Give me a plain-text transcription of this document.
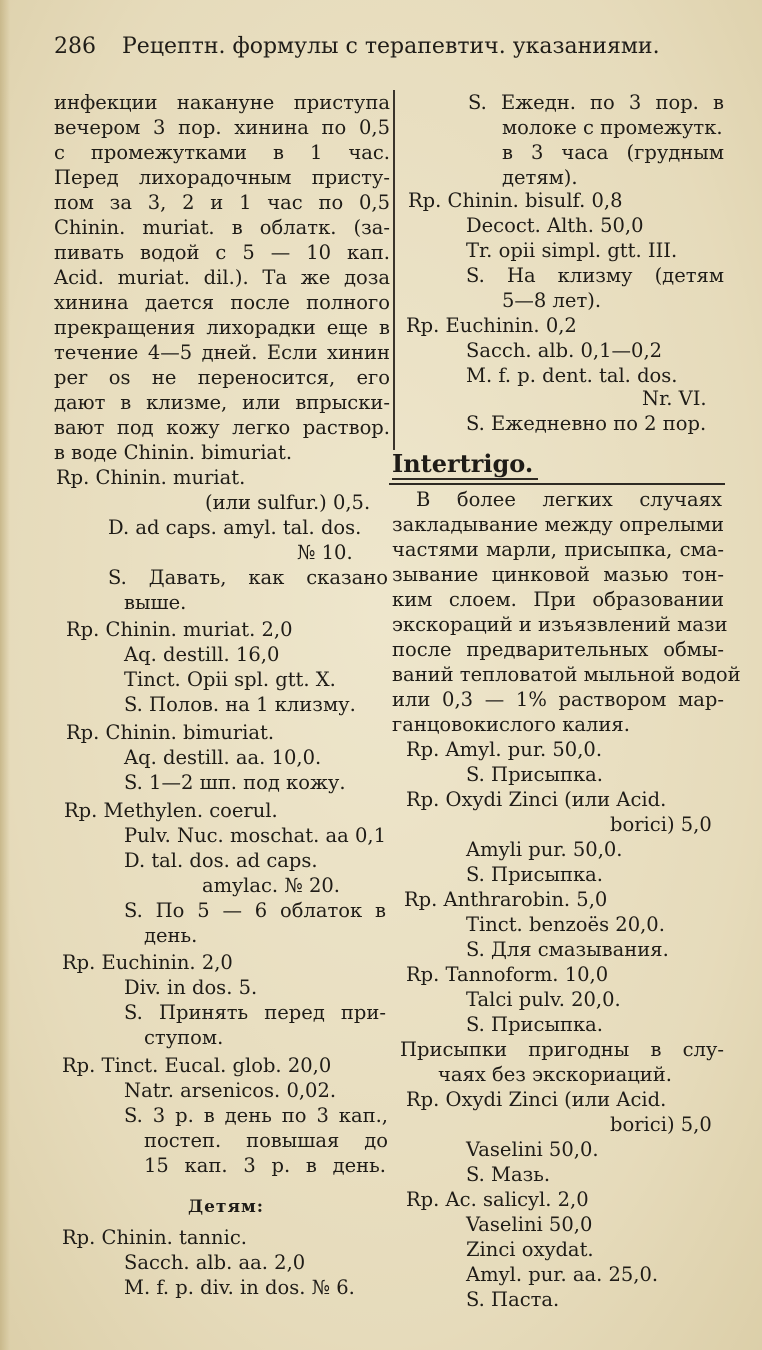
286 Рецептн. формулы с терапевтич. указаниями.
инфекции накануне приступа
вечером 3 пор. хинина по 0,5
с промежутками в 1 час.
Перед лихорадочным присту-
пом за 3, 2 и 1 час по 0,5
Chinin. muriat. в облатк. (за-
пивать водой с 5 — 10 кап.
Acid. muriat. dil.). Та же доза
хинина дается после полного
прекращения лихорадки еще в
течение 4—5 дней. Если хинин
per os не переносится, его
дают в клизме, или впрыски-
вают под кожу легко раствор.
в воде Chinin. bimuriat.
Rp. Chinin. muriat.
(или sulfur.) 0,5.
D. ad caps. amyl. tal. dos.
№ 10.
S. Давать, как сказано
выше.
Rp. Chinin. muriat. 2,0
Aq. destill. 16,0
Tinct. Opii spl. gtt. X.
S. Полов. на 1 клизму.
Rp. Chinin. bimuriat.
Aq. destill. aa. 10,0.
S. 1—2 шп. под кожу.
Rp. Methylen. coerul.
Pulv. Nuc. moschat. aa 0,1
D. tal. dos. ad caps.
amylac. № 20.
S. По 5 — 6 облаток в
день.
Rp. Euchinin. 2,0
Div. in dos. 5.
S. Принять перед при-
ступом.
Rp. Tinct. Eucal. glob. 20,0
Natr. arsenicos. 0,02.
S. 3 р. в день по 3 кап.,
постеп. повышая до
15 кап. 3 р. в день.
Детям:
Rp. Chinin. tannic.
Sacch. alb. aa. 2,0
M. f. p. div. in dos. № 6.
S. Ежедн. по 3 пор. в
молоке с промежутк.
в 3 часа (грудным
детям).
Rp. Chinin. bisulf. 0,8
Decoct. Alth. 50,0
Tr. opii simpl. gtt. III.
S. На клизму (детям
5—8 лет).
Rp. Euchinin. 0,2
Sacch. alb. 0,1—0,2
M. f. p. dent. tal. dos.
Nr. VI.
S. Ежедневно по 2 пор.
Intertrigo.
В более легких случаях
закладывание между опрелыми
частями марли, присыпка, сма-
зывание цинковой мазью тон-
ким слоем. При образовании
экскораций и изъязвлений мази
после предварительных обмы-
ваний тепловатой мыльной водой
или 0,3 — 1% раствором мар-
ганцовокислого калия.
Rp. Amyl. pur. 50,0.
S. Присыпка.
Rp. Oxydi Zinci (или Acid.
borici) 5,0
Amyli pur. 50,0.
S. Присыпка.
Rp. Anthrarobin. 5,0
Tinct. benzoës 20,0.
S. Для смазывания.
Rp. Tannoform. 10,0
Talci pulv. 20,0.
S. Присыпка.
Присыпки пригодны в слу-
чаях без экскориаций.
Rp. Oxydi Zinci (или Acid.
borici) 5,0
Vaselini 50,0.
S. Мазь.
Rp. Ac. salicyl. 2,0
Vaselini 50,0
Zinci oxydat.
Amyl. pur. aa. 25,0.
S. Паста.
